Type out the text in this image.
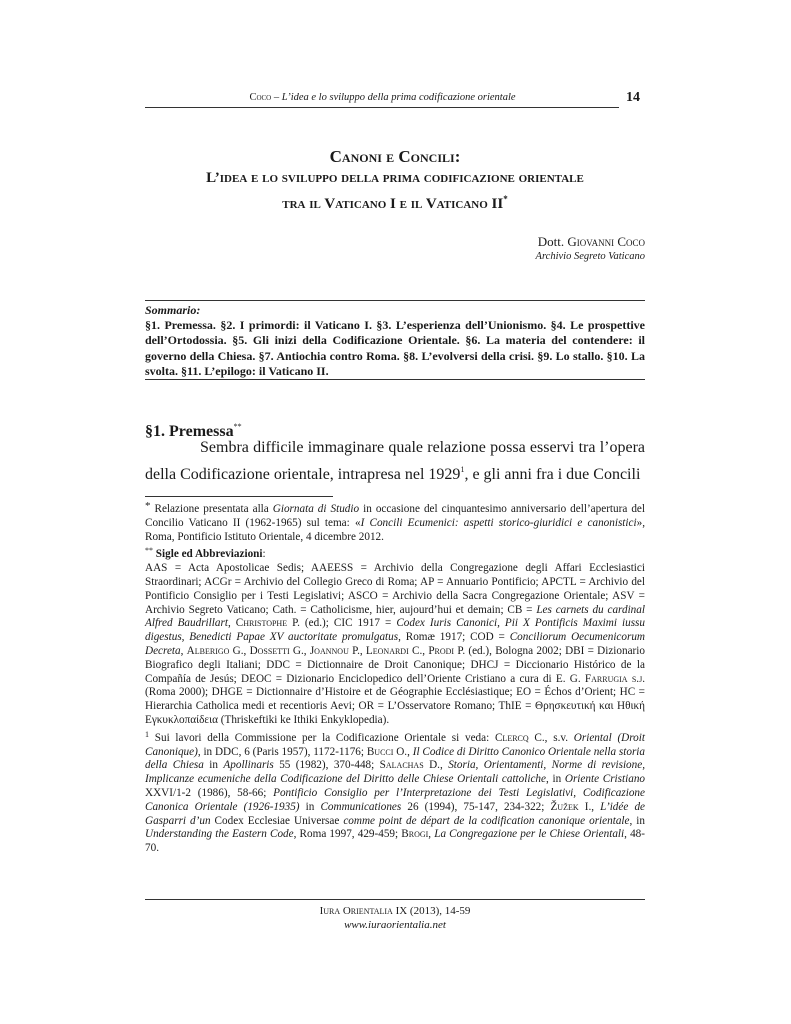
Coco – L’idea e lo sviluppo della prima codificazione orientale	14
Canoni e Concili:
L’idea e lo sviluppo della prima codificazione orientale
tra il Vaticano I e il Vaticano II*
Dott. Giovanni Coco
Archivio Segreto Vaticano
Sommario:
§1. Premessa. §2. I primordi: il Vaticano I. §3. L’esperienza dell’Unionismo. §4. Le prospettive dell’Ortodossia. §5. Gli inizi della Codificazione Orientale. §6. La materia del contendere: il governo della Chiesa. §7. Antiochia contro Roma. §8. L’evolversi della crisi. §9. Lo stallo. §10. La svolta. §11. L’epilogo: il Vaticano II.
§1. Premessa**
Sembra difficile immaginare quale relazione possa esservi tra l’opera della Codificazione orientale, intrapresa nel 1929$^1$, e gli anni fra i due Concili

* Relazione presentata alla Giornata di Studio in occasione del cinquantesimo anniversario dell’apertura del Concilio Vaticano II (1962-1965) sul tema: «I Concili Ecumenici: aspetti storico-giuridici e canonistici», Roma, Pontificio Istituto Orientale, 4 dicembre 2012.

** Sigle ed Abbreviazioni:

AAS = Acta Apostolicae Sedis; AAEESS = Archivio della Congregazione degli Affari Ecclesiastici Straordinari; ACGr = Archivio del Collegio Greco di Roma; AP = Annuario Pontificio; APCTL = Archivio del Pontificio Consiglio per i Testi Legislativi; ASCO = Archivio della Sacra Congregazione Orientale; ASV = Archivio Segreto Vaticano; Cath. = Catholicisme, hier, aujourd’hui et demain; CB = Les carnets du cardinal Alfred Baudrillart, Christophe P. (ed.); CIC 1917 = Codex Iuris Canonici, Pii X Pontificis Maximi iussu digestus, Benedicti Papae XV auctoritate promulgatus, Romæ 1917; COD = Conciliorum Oecumenicorum Decreta, Alberigo G., Dossetti G., Joannou P., Leonardi C., Prodi P. (ed.), Bologna 2002; DBI = Dizionario Biografico degli Italiani; DDC = Dictionnaire de Droit Canonique; DHCJ = Diccionario Histórico de la Compañía de Jesús; DEOC = Dizionario Enciclopedico dell’Oriente Cristiano a cura di E. G. Farrugia s.j. (Roma 2000); DHGE = Dictionnaire d’Histoire et de Géographie Ecclésiastique; EO = Échos d’Orient; HC = Hierarchia Catholica medi et recentioris Aevi; OR = L’Osservatore Romano; ThIE = Θρησκευτική και Ηθική Εγκυκλοπαίδεια (Thriskeftiki ke Ithiki Enkyklopedia).

$^1$ Sui lavori della Commissione per la Codificazione Orientale si veda: Clercq C., s.v. Oriental (Droit Canonique), in DDC, 6 (Paris 1957), 1172-1176; Bucci O., Il Codice di Diritto Canonico Orientale nella storia della Chiesa in Apollinaris 55 (1982), 370-448; Salachas D., Storia, Orientamenti, Norme di revisione, Implicanze ecumeniche della Codificazione del Diritto delle Chiese Orientali cattoliche, in Oriente Cristiano XXVI/1-2 (1986), 58-66; Pontificio Consiglio per l’Interpretazione dei Testi Legislativi, Codificazione Canonica Orientale (1926-1935) in Communicationes 26 (1994), 75-147, 234-322; Žužek I., L’idée de Gasparri d’un Codex Ecclesiae Universae comme point de départ de la codification canonique orientale, in Understanding the Eastern Code, Roma 1997, 429-459; Brogi, La Congregazione per le Chiese Orientali, 48-70.

Iura Orientalia IX (2013), 14-59
www.iuraorientalia.net
